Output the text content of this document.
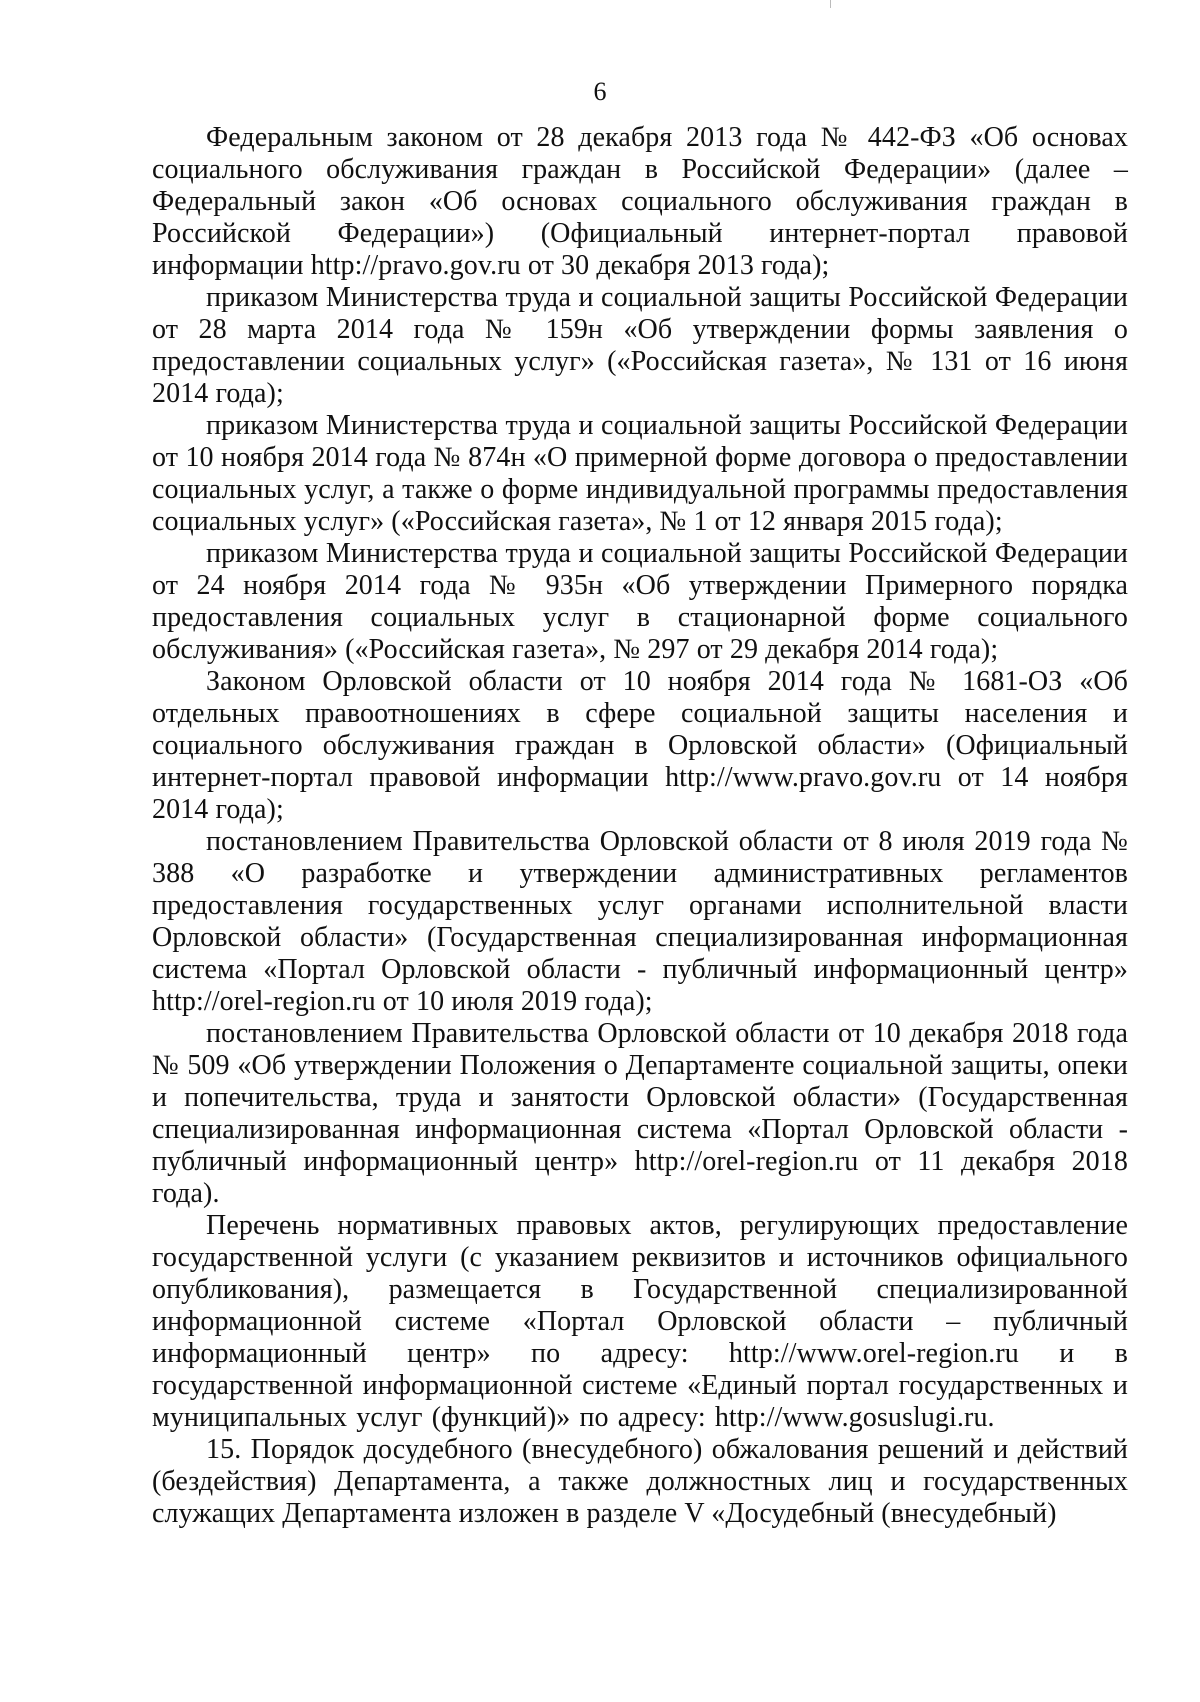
6

Федеральным законом от 28 декабря 2013 года № 442-ФЗ «Об основах социального обслуживания граждан в Российской Федерации» (далее – Федеральный закон «Об основах социального обслуживания граждан в Российской Федерации») (Официальный интернет-портал правовой информации http://pravo.gov.ru от 30 декабря 2013 года);

приказом Министерства труда и социальной защиты Российской Федерации от 28 марта 2014 года № 159н «Об утверждении формы заявления о предоставлении социальных услуг» («Российская газета», № 131 от 16 июня 2014 года);

приказом Министерства труда и социальной защиты Российской Федерации от 10 ноября 2014 года № 874н «О примерной форме договора о предоставлении социальных услуг, а также о форме индивидуальной программы предоставления социальных услуг» («Российская газета», № 1 от 12 января 2015 года);

приказом Министерства труда и социальной защиты Российской Федерации от 24 ноября 2014 года № 935н «Об утверждении Примерного порядка предоставления социальных услуг в стационарной форме социального обслуживания» («Российская газета», № 297 от 29 декабря 2014 года);

Законом Орловской области от 10 ноября 2014 года № 1681-ОЗ «Об отдельных правоотношениях в сфере социальной защиты населения и социального обслуживания граждан в Орловской области» (Официальный интернет-портал правовой информации http://www.pravo.gov.ru от 14 ноября 2014 года);

постановлением Правительства Орловской области от 8 июля 2019 года № 388 «О разработке и утверждении административных регламентов предоставления государственных услуг органами исполнительной власти Орловской области» (Государственная специализированная информационная система «Портал Орловской области - публичный информационный центр» http://orel-region.ru от 10 июля 2019 года);

постановлением Правительства Орловской области от 10 декабря 2018 года № 509 «Об утверждении Положения о Департаменте социальной защиты, опеки и попечительства, труда и занятости Орловской области» (Государственная специализированная информационная система «Портал Орловской области - публичный информационный центр» http://orel-region.ru от 11 декабря 2018 года).

Перечень нормативных правовых актов, регулирующих предоставление государственной услуги (с указанием реквизитов и источников официального опубликования), размещается в Государственной специализированной информационной системе «Портал Орловской области – публичный информационный центр» по адресу: http://www.orel-region.ru и в государственной информационной системе «Единый портал государственных и муниципальных услуг (функций)» по адресу: http://www.gosuslugi.ru.

15. Порядок досудебного (внесудебного) обжалования решений и действий (бездействия) Департамента, а также должностных лиц и государственных служащих Департамента изложен в разделе V «Досудебный (внесудебный)
